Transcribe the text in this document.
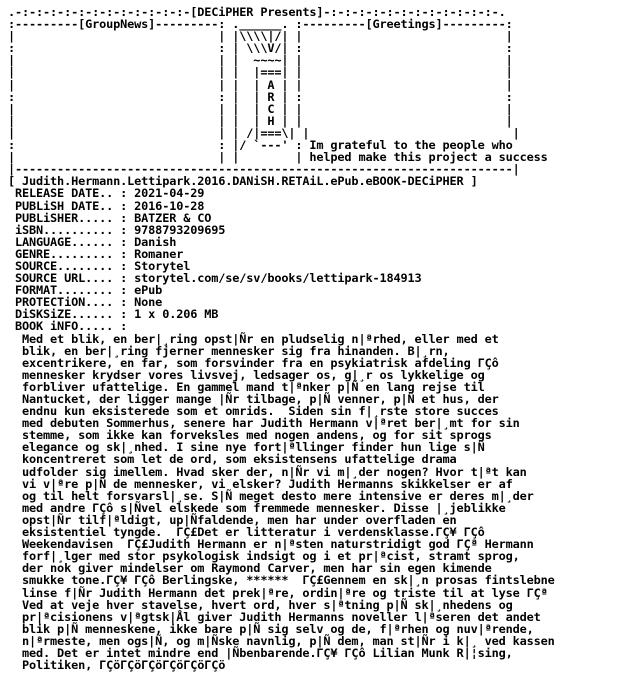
.-:-:-:-:-:-:-:-:-:-:-:-:-[DECiPHER Presents]-:-:-:-:-:-:-:-:-:-:-:-:-.
:---------[GroupNews]---------: .______. :---------[Greetings]---------:
|                             | |\\\\|/| |                             |
:                             : | \\\V/| :                             :
|                             | |  ~~~~| |                             |
|                             | |  |===| |                             |
|                             | |  | A | |                             |
:                             : |  | R | :                             :
|                             | |  | C | |                             |
|                             | |  | H | |                             |
|                             | | /|===\| |                             |
:                             : |/ `---' : Im grateful to the people who
|                             | |        | helped make this project a success
|-----------------------------------------------------------------------|
[ Judith.Hermann.Lettipark.2016.DANiSH.RETAiL.ePub.eBOOK-DECiPHER ]
RELEASE DATE.. : 2021-04-29
PUBLiSH DATE.. : 2016-10-28
PUBLiSHER..... : BATZER & CO
iSBN.......... : 9788793209695
LANGUAGE...... : Danish
GENRE......... : Romaner
SOURCE........ : Storytel
SOURCE URL.... : storytel.com/se/sv/books/lettipark-184913
FORMAT........ : ePub
PROTECTiON.... : None
DiSKSiZE...... : 1 x 0.206 MB
BOOK iNFO..... :
Med et blik, en ber|¸ring opst|Ñr en pludselig n|ªrhed, eller med et
blik, en ber|¸ring fjerner mennesker sig fra hinanden. B|¸rn,
excentrikere, en far, som forsvinder fra en psykiatrisk afdeling ΓÇô
mennesker krydser vores livsvej, ledsager os, g|¸r os lykkelige og
forbliver ufattelige. En gammel mand t|ªnker p|Ñ en lang rejse til
Nantucket, der ligger mange |Ñr tilbage, p|Ñ venner, p|Ñ et hus, der
endnu kun eksisterede som et omrids.  Siden sin f|¸rste store succes
med debuten Sommerhus, senere har Judith Hermann v|ªret ber|¸mt for sin
stemme, som ikke kan forveksles med nogen andens, og for sit sprogs
elegance og sk|¸nhed. I sine nye fort|ªllinger finder hun lige s|Ñ
koncentreret som let de ord, som eksistensens ufattelige drama
udfolder sig imellem. Hvad sker der, n|Ñr vi m|¸der nogen? Hvor t|ªt kan
vi v|ªre p|Ñ de mennesker, vi elsker? Judith Hermanns skikkelser er af
og til helt forsvarsl|¸se. S|Ñ meget desto mere intensive er deres m|¸der
med andre ΓÇô s|Ñvel elskede som fremmede mennesker. Disse |¸jeblikke
opst|Ñr tilf|ªldigt, up|Ñfaldende, men har under overfladen en
eksistentiel tyngde.  ΓÇ£Det er litteratur i verdensklasse.ΓÇ¥ ΓÇô
Weekendavisen  ΓÇ£Judith Hermann er n|ªsten naturstridigt god ΓÇª Hermann
forf|¸lger med stor psykologisk indsigt og i et pr|ªcist, stramt sprog,
der nok giver mindelser om Raymond Carver, men har sin egen kimende
smukke tone.ΓÇ¥ ΓÇô Berlingske, ******  ΓÇ£Gennem en sk|¸n prosas fintslebne
linse f|Ñr Judith Hermann det prek|ªre, ordin|ªre og triste til at lyse ΓÇª
Ved at veje hver stavelse, hvert ord, hver s|ªtning p|Ñ sk|¸nhedens og
pr|ªcisionens v|ªgtsk|Ål giver Judith Hermanns noveller l|ªseren det andet
blik p|Ñ menneskene, ikke bare p|Ñ sig selv og de, f|ªrhen og nuv|ªrende,
n|ªrmeste, men ogs|Ñ, og m|Ñske navnlig, p|Ñ dem, man st|Ñr i k|¸ ved kassen
med. Det er intet mindre end |Ñbenbarende.ΓÇ¥ ΓÇô Lilian Munk R|¦sing,
Politiken, ΓÇöΓÇöΓÇöΓÇöΓÇöΓÇö
